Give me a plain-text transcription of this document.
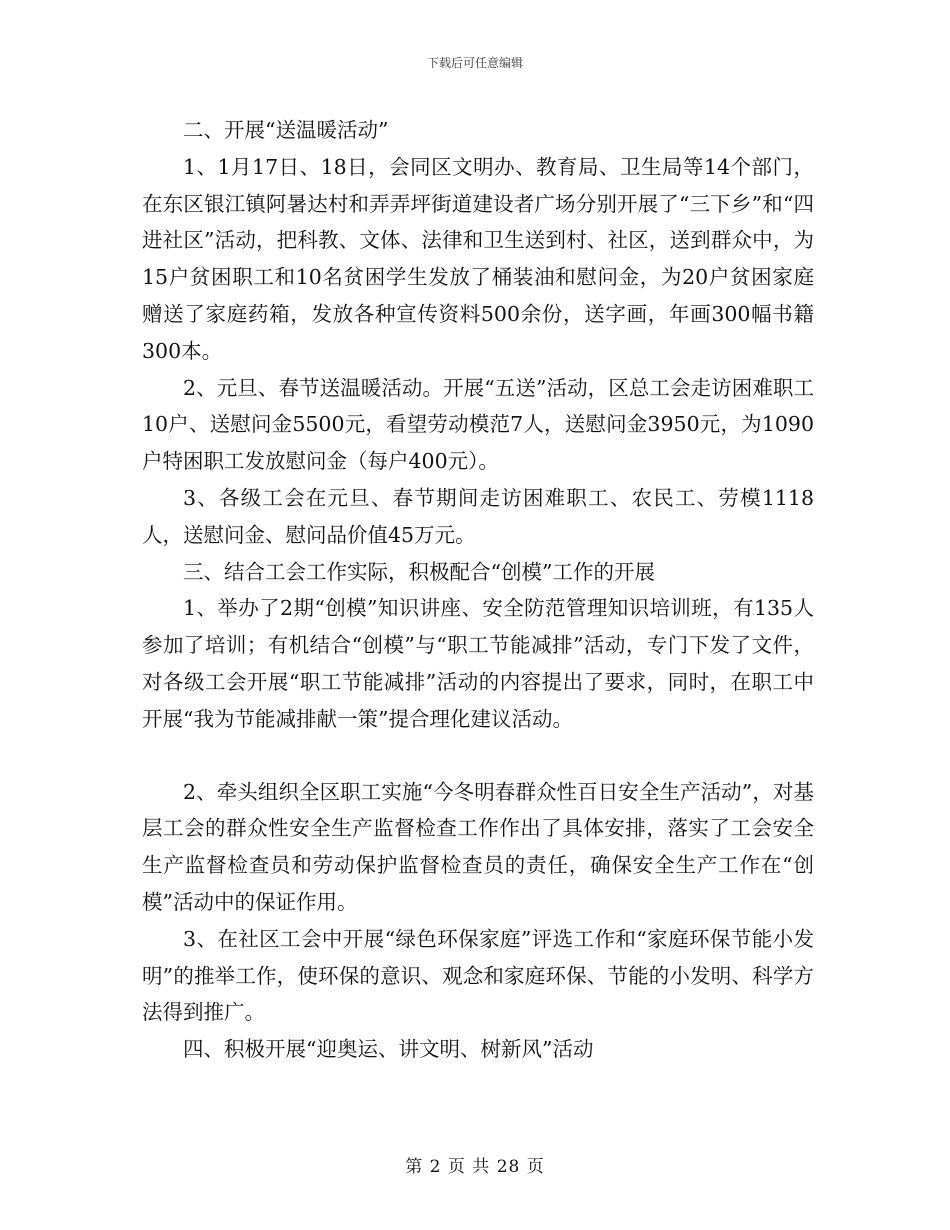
下载后可任意编辑

二、开展“送温暖活动”

1、1月17日、18日，会同区文明办、教育局、卫生局等14个部门，在东区银江镇阿暑达村和弄弄坪街道建设者广场分别开展了“三下乡”和“四进社区”活动，把科教、文体、法律和卫生送到村、社区，送到群众中，为15户贫困职工和10名贫困学生发放了桶装油和慰问金，为20户贫困家庭赠送了家庭药箱，发放各种宣传资料500余份，送字画，年画300幅书籍300本。

2、元旦、春节送温暖活动。开展“五送”活动，区总工会走访困难职工10户、送慰问金5500元，看望劳动模范7人，送慰问金3950元，为1090户特困职工发放慰问金（每户400元）。

3、各级工会在元旦、春节期间走访困难职工、农民工、劳模1118人，送慰问金、慰问品价值45万元。

三、结合工会工作实际，积极配合“创模”工作的开展

1、举办了2期“创模”知识讲座、安全防范管理知识培训班，有135人参加了培训；有机结合“创模”与“职工节能减排”活动，专门下发了文件，对各级工会开展“职工节能减排”活动的内容提出了要求，同时，在职工中开展“我为节能减排献一策”提合理化建议活动。

2、牵头组织全区职工实施“今冬明春群众性百日安全生产活动”，对基层工会的群众性安全生产监督检查工作作出了具体安排，落实了工会安全生产监督检查员和劳动保护监督检查员的责任，确保安全生产工作在“创模”活动中的保证作用。

3、在社区工会中开展“绿色环保家庭”评选工作和“家庭环保节能小发明”的推举工作，使环保的意识、观念和家庭环保、节能的小发明、科学方法得到推广。

四、积极开展“迎奥运、讲文明、树新风”活动

第 2 页 共 28 页
